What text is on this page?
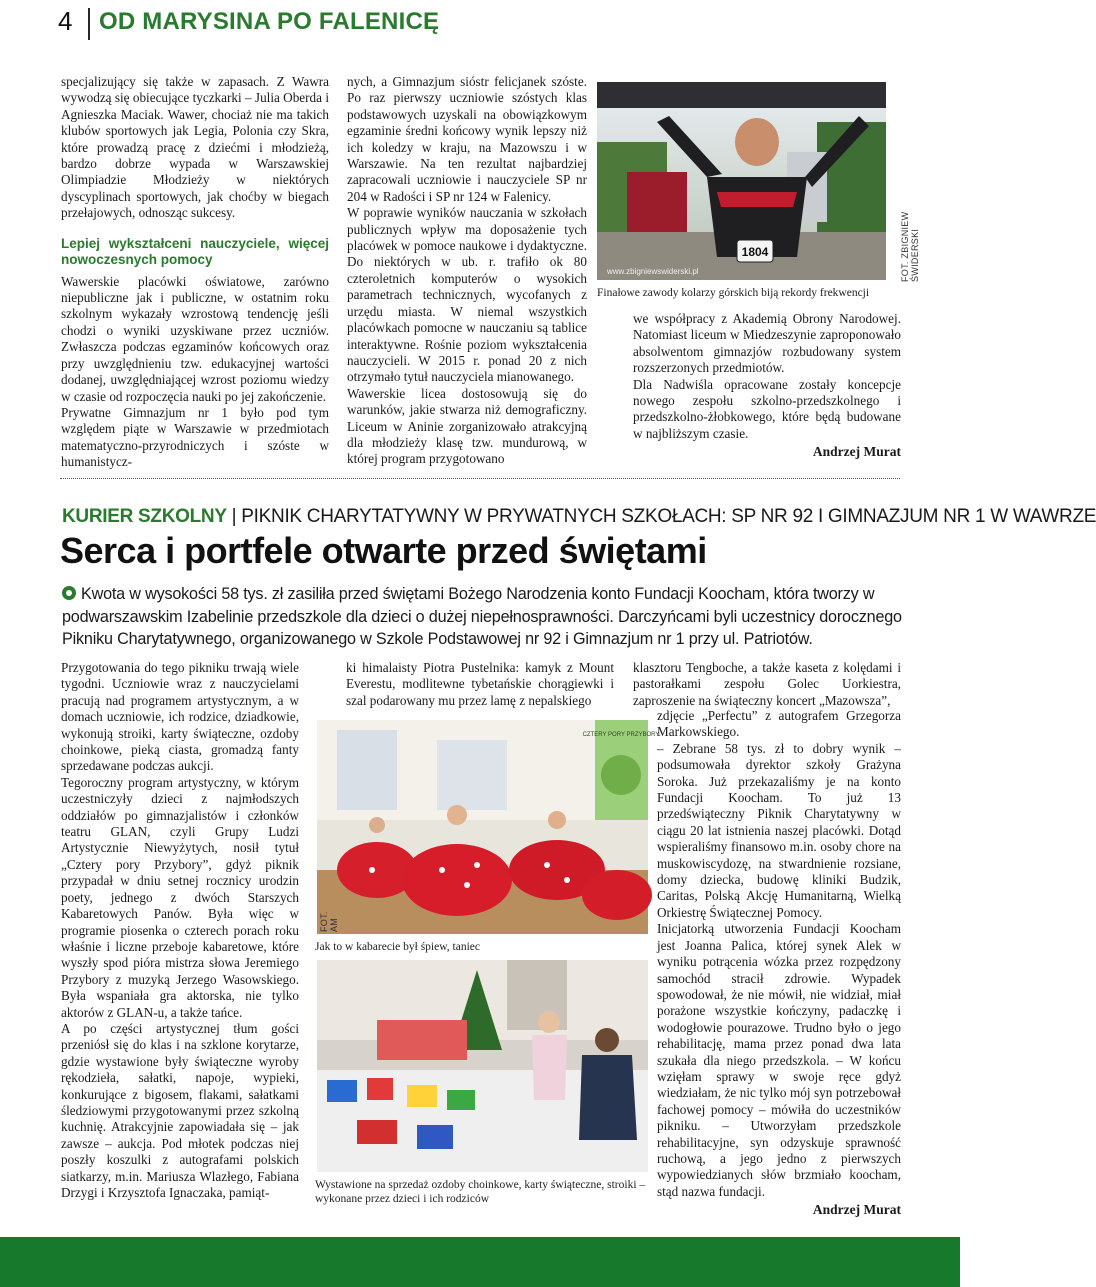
4 OD MARYSINA PO FALENICĘ

specjalizujący się także w zapasach. Z Wawra wywodzą się obiecujące tyczkarki – Julia Oberda i Agnieszka Maciak. Wawer, chociaż nie ma takich klubów sportowych jak Legia, Polonia czy Skra, które prowadzą pracę z dziećmi i młodzieżą, bardzo dobrze wypada w Warszawskiej Olimpiadzie Młodzieży w niektórych dyscyplinach sportowych, jak choćby w biegach przełajowych, odnosząc sukcesy.

Lepiej wykształceni nauczyciele, więcej nowoczesnych pomocy

Wawerskie placówki oświatowe, zarówno niepubliczne jak i publiczne, w ostatnim roku szkolnym wykazały wzrostową tendencję jeśli chodzi o wyniki uzyskiwane przez uczniów. Zwłaszcza podczas egzaminów końcowych oraz przy uwzględnieniu tzw. edukacyjnej wartości dodanej, uwzględniającej wzrost poziomu wiedzy w czasie od rozpoczęcia nauki po jej zakończenie.

Prywatne Gimnazjum nr 1 było pod tym względem piąte w Warszawie w przedmiotach matematyczno-przyrodniczych i szóste w humanistycz-

nych, a Gimnazjum sióstr felicjanek szóste. Po raz pierwszy uczniowie szóstych klas podstawowych uzyskali na obowiązkowym egzaminie średni końcowy wynik lepszy niż ich koledzy w kraju, na Mazowszu i w Warszawie. Na ten rezultat najbardziej zapracowali uczniowie i nauczyciele SP nr 204 w Radości i SP nr 124 w Falenicy.

W poprawie wyników nauczania w szkołach publicznych wpływ ma doposażenie tych placówek w pomoce naukowe i dydaktyczne. Do niektórych w ub. r. trafiło ok 80 czteroletnich komputerów o wysokich parametrach technicznych, wycofanych z urzędu miasta. W niemal wszystkich placówkach pomocne w nauczaniu są tablice interaktywne. Rośnie poziom wykształcenia nauczycieli. W 2015 r. ponad 20 z nich otrzymało tytuł nauczyciela mianowanego.

Wawerskie licea dostosowują się do warunków, jakie stwarza niż demograficzny. Liceum w Aninie zorganizowało atrakcyjną dla młodzieży klasę tzw. mundurową, w której program przygotowano

1804
www.zbigniewswiderski.pl	FOT. ZBIGNIEW ŚWIDERSKI
Finałowe zawody kolarzy górskich biją rekordy frekwencji

we współpracy z Akademią Obrony Narodowej. Natomiast liceum w Miedzeszynie zaproponowało absolwentom gimnazjów rozbudowany system rozszerzonych przedmiotów.

Dla Nadwiśla opracowane zostały koncepcje nowego zespołu szkolno-przedszkolnego i przedszkolno-żłobkowego, które będą budowane w najbliższym czasie.

Andrzej Murat
KURIER SZKOLNY | PIKNIK CHARYTATYWNY W PRYWATNYCH SZKOŁACH: SP NR 92 I GIMNAZJUM NR 1 W WAWRZE
Serca i portfele otwarte przed świętami
Kwota w wysokości 58 tys. zł zasiliła przed świętami Bożego Narodzenia konto Fundacji Koocham, która tworzy w podwarszawskim Izabelinie przedszkole dla dzieci o dużej niepełnosprawności. Darczyńcami byli uczestnicy dorocznego Pikniku Charytatywnego, organizowanego w Szkole Podstawowej nr 92 i Gimnazjum nr 1 przy ul. Patriotów.

Przygotowania do tego pikniku trwają wiele tygodni. Uczniowie wraz z nauczycielami pracują nad programem artystycznym, a w domach uczniowie, ich rodzice, dziadkowie, wykonują stroiki, karty świąteczne, ozdoby choinkowe, pieką ciasta, gromadzą fanty sprzedawane podczas aukcji.

Tegoroczny program artystyczny, w którym uczestniczyły dzieci z najmłodszych oddziałów po gimnazjalistów i członków teatru GLAN, czyli Grupy Ludzi Artystycznie Niewyżytych, nosił tytuł „Cztery pory Przybory”, gdyż piknik przypadał w dniu setnej rocznicy urodzin poety, jednego z dwóch Starszych Kabaretowych Panów. Była więc w programie piosenka o czterech porach roku właśnie i liczne przeboje kabaretowe, które wyszły spod pióra mistrza słowa Jeremiego Przybory z muzyką Jerzego Wasowskiego. Była wspaniała gra aktorska, nie tylko aktorów z GLAN-u, a także tańce.

A po części artystycznej tłum gości przeniósł się do klas i na szklone korytarze, gdzie wystawione były świąteczne wyroby rękodzieła, sałatki, napoje, wypieki, konkurujące z bigosem, flakami, sałatkami śledziowymi przygotowanymi przez szkolną kuchnię. Atrakcyjnie zapowiadała się – jak zawsze – aukcja. Pod młotek podczas niej poszły koszulki z autografami polskich siatkarzy, m.in. Mariusza Wlazłego, Fabiana Drzygi i Krzysztofa Ignaczaka, pamiąt-

ki himalaisty Piotra Pustelnika: kamyk z Mount Everestu, modlitewne tybetańskie chorągiewki i szal podarowany mu przez lamę z nepalskiego
CZTERY PORY PRZYBORY
FOT. AM
Jak to w kabarecie był śpiew, taniec
Wystawione na sprzedaż ozdoby choinkowe, karty świąteczne, stroiki – wykonane przez dzieci i ich rodziców
klasztoru Tengboche, a także kaseta z kolędami i pastorałkami zespołu Golec Uorkiestra, zaproszenie na świąteczny koncert „Mazowsza”,

zdjęcie „Perfectu” z autografem Grzegorza Markowskiego.

– Zebrane 58 tys. zł to dobry wynik – podsumowała dyrektor szkoły Grażyna Soroka. Już przekazaliśmy je na konto Fundacji Koocham. To już 13 przedświąteczny Piknik Charytatywny w ciągu 20 lat istnienia naszej placówki. Dotąd wspieraliśmy finansowo m.in. osoby chore na muskowiscydozę, na stwardnienie rozsiane, domy dziecka, budowę kliniki Budzik, Caritas, Polską Akcję Humanitarną, Wielką Orkiestrę Świątecznej Pomocy.

Inicjatorką utworzenia Fundacji Koocham jest Joanna Palica, której synek Alek w wyniku potrącenia wózka przez rozpędzony samochód stracił zdrowie. Wypadek spowodował, że nie mówił, nie widział, miał porażone wszystkie kończyny, padaczkę i wodogłowie pourazowe. Trudno było o jego rehabilitację, mama przez ponad dwa lata szukała dla niego przedszkola. – W końcu wzięłam sprawy w swoje ręce gdyż wiedziałam, że nic tylko mój syn potrzebował fachowej pomocy – mówiła do uczestników pikniku. – Utworzyłam przedszkole rehabilitacyjne, syn odzyskuje sprawność ruchową, a jego jedno z pierwszych wypowiedzianych słów brzmiało koocham, stąd nazwa fundacji.

Andrzej Murat
